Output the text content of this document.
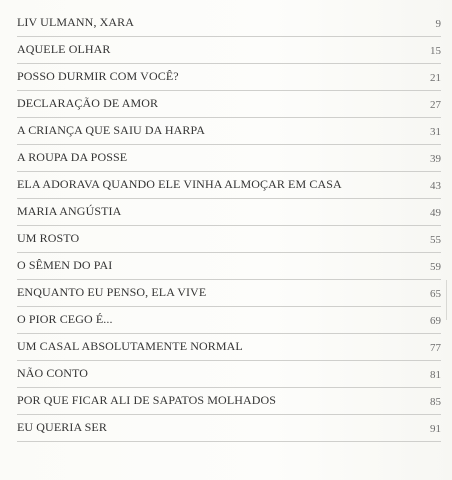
LIV ULMANN, XARA	9
AQUELE OLHAR	15
POSSO DURMIR COM VOCÊ?	21
DECLARAÇÃO DE AMOR	27
A CRIANÇA QUE SAIU DA HARPA	31
A ROUPA DA POSSE	39
ELA ADORAVA QUANDO ELE VINHA ALMOÇAR EM CASA	43
MARIA ANGÚSTIA	49
UM ROSTO	55
O SÊMEN DO PAI	59
ENQUANTO EU PENSO, ELA VIVE	65
O PIOR CEGO É...	69
UM CASAL ABSOLUTAMENTE NORMAL	77
NÃO CONTO	81
POR QUE FICAR ALI DE SAPATOS MOLHADOS	85
EU QUERIA SER	91
